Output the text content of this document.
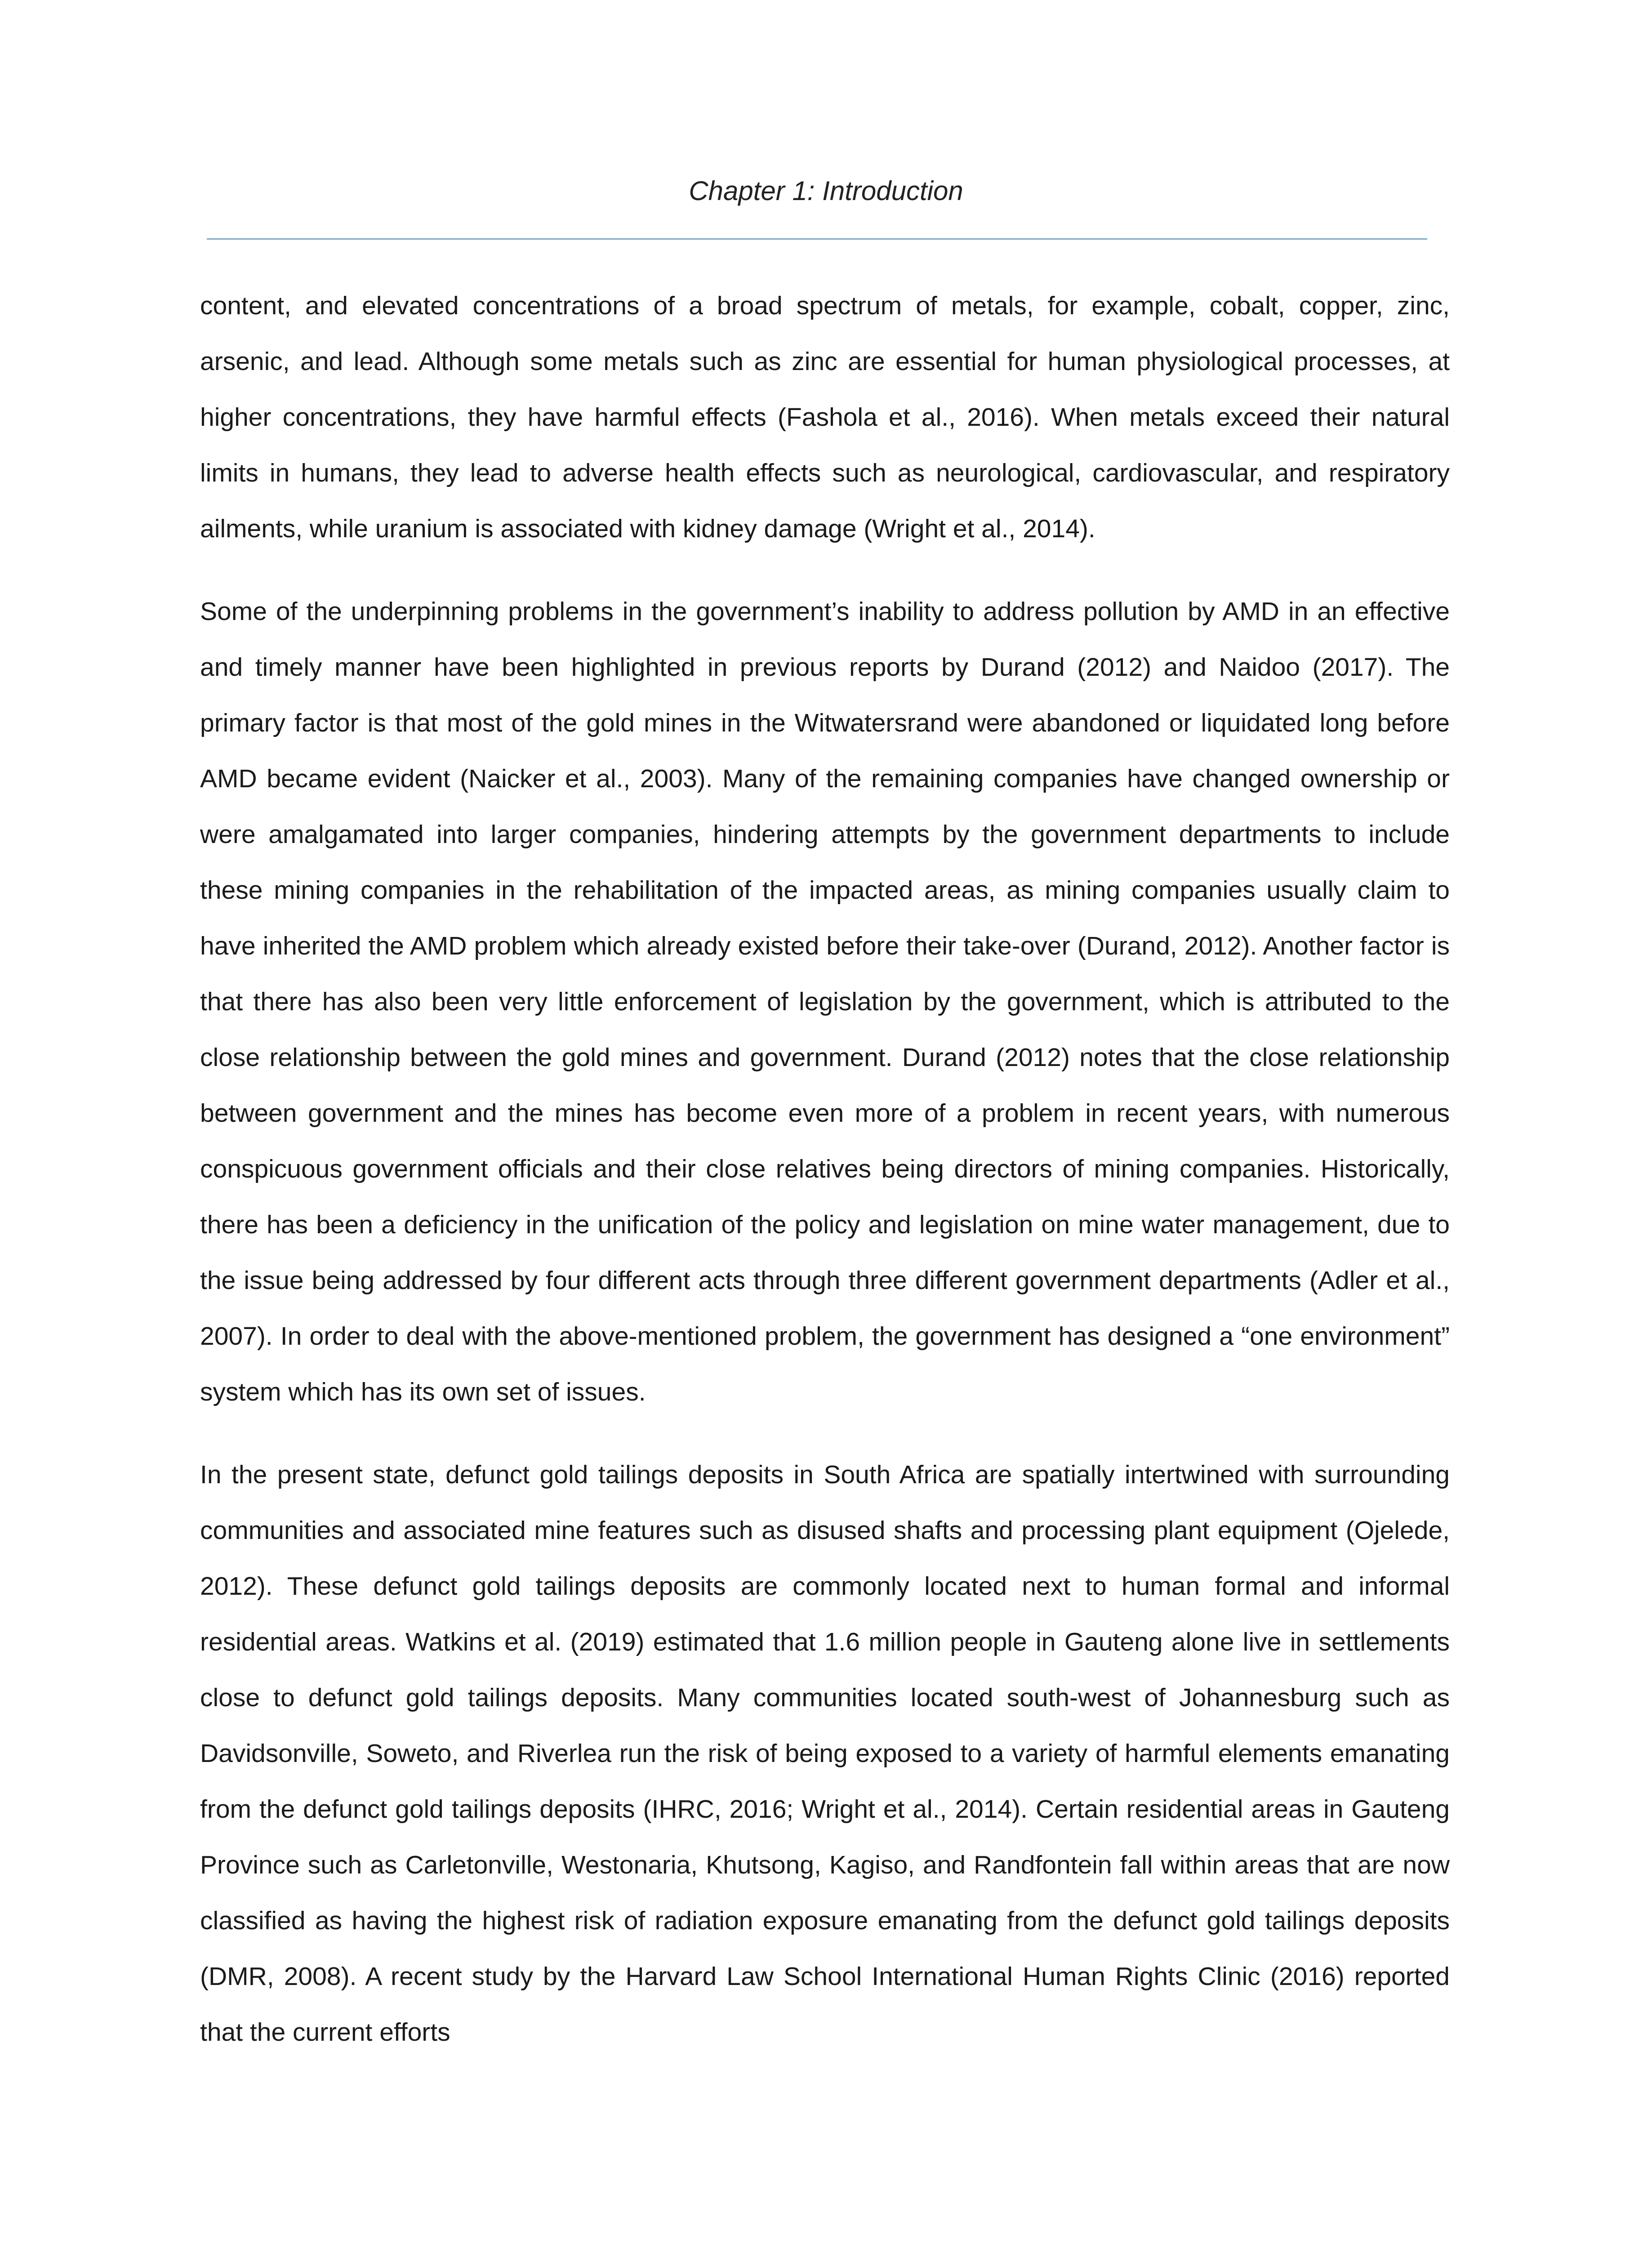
Chapter 1: Introduction

content, and elevated concentrations of a broad spectrum of metals, for example, cobalt, copper, zinc, arsenic, and lead. Although some metals such as zinc are essential for human physiological processes, at higher concentrations, they have harmful effects (Fashola et al., 2016). When metals exceed their natural limits in humans, they lead to adverse health effects such as neurological, cardiovascular, and respiratory ailments, while uranium is associated with kidney damage (Wright et al., 2014).

Some of the underpinning problems in the government’s inability to address pollution by AMD in an effective and timely manner have been highlighted in previous reports by Durand (2012) and Naidoo (2017). The primary factor is that most of the gold mines in the Witwatersrand were abandoned or liquidated long before AMD became evident (Naicker et al., 2003). Many of the remaining companies have changed ownership or were amalgamated into larger companies, hindering attempts by the government departments to include these mining companies in the rehabilitation of the impacted areas, as mining companies usually claim to have inherited the AMD problem which already existed before their take-over (Durand, 2012). Another factor is that there has also been very little enforcement of legislation by the government, which is attributed to the close relationship between the gold mines and government. Durand (2012) notes that the close relationship between government and the mines has become even more of a problem in recent years, with numerous conspicuous government officials and their close relatives being directors of mining companies. Historically, there has been a deficiency in the unification of the policy and legislation on mine water management, due to the issue being addressed by four different acts through three different government departments (Adler et al., 2007). In order to deal with the above-mentioned problem, the government has designed a “one environment” system which has its own set of issues.

In the present state, defunct gold tailings deposits in South Africa are spatially intertwined with surrounding communities and associated mine features such as disused shafts and processing plant equipment (Ojelede, 2012). These defunct gold tailings deposits are commonly located next to human formal and informal residential areas. Watkins et al. (2019) estimated that 1.6 million people in Gauteng alone live in settlements close to defunct gold tailings deposits. Many communities located south-west of Johannesburg such as Davidsonville, Soweto, and Riverlea run the risk of being exposed to a variety of harmful elements emanating from the defunct gold tailings deposits (IHRC, 2016; Wright et al., 2014). Certain residential areas in Gauteng Province such as Carletonville, Westonaria, Khutsong, Kagiso, and Randfontein fall within areas that are now classified as having the highest risk of radiation exposure emanating from the defunct gold tailings deposits (DMR, 2008). A recent study by the Harvard Law School International Human Rights Clinic (2016) reported that the current efforts
